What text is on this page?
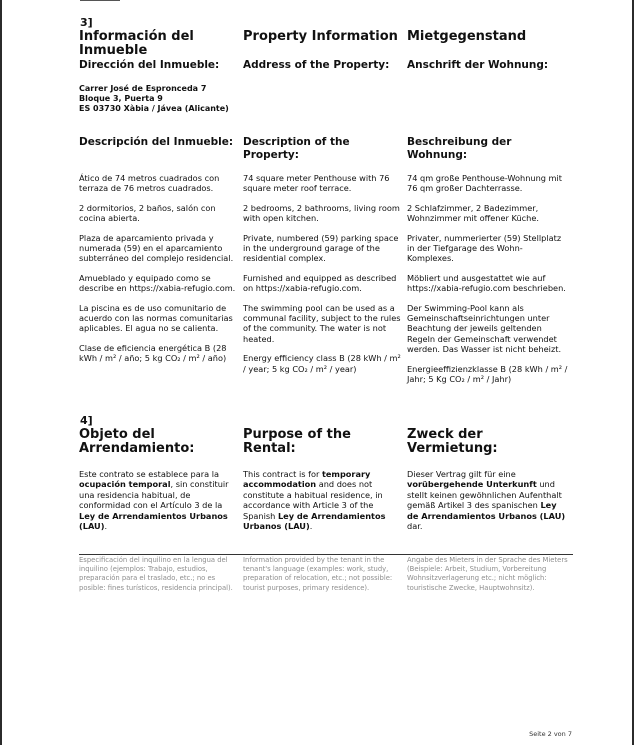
3]
Información del Inmueble
Property Information Mietgegenstand
Dirección del Inmueble:	Address of the Property:	Anschrift der Wohnung:
Carrer José de Espronceda 7
Bloque 3, Puerta 9
ES 03730 Xàbia / Jávea (Alicante)
Descripción del Inmueble: Description of the Property:
Beschreibung der Wohnung:

Ático de 74 metros cuadrados con terraza de 76 metros cuadrados.

2 dormitorios, 2 baños, salón con cocina abierta.

Plaza de aparcamiento privada y numerada (59) en el aparcamiento subterráneo del complejo residencial.

Amueblado y equipado como se describe en https://xabia-refugio.com.

La piscina es de uso comunitario de acuerdo con las normas comunitarias aplicables. El agua no se calienta.

Clase de eficiencia energética B (28 kWh / m² / año; 5 kg CO₂ / m² / año)

74 square meter Penthouse with 76 square meter roof terrace.

2 bedrooms, 2 bathrooms, living room with open kitchen.

Private, numbered (59) parking space in the underground garage of the residential complex.

Furnished and equipped as described on https://xabia-refugio.com.

The swimming pool can be used as a communal facility, subject to the rules of the community. The water is not heated.

Energy efficiency class B (28 kWh / m² / year; 5 kg CO₂ / m² / year)

74 qm große Penthouse-Wohnung mit 76 qm großer Dachterrasse.

2 Schlafzimmer, 2 Badezimmer, Wohnzimmer mit offener Küche.

Privater, nummerierter (59) Stellplatz in der Tiefgarage des Wohn-Komplexes.

Möbliert und ausgestattet wie auf https://xabia-refugio.com beschrieben.

Der Swimming-Pool kann als Gemeinschaftseinrichtungen unter Beachtung der jeweils geltenden Regeln der Gemeinschaft verwendet werden. Das Wasser ist nicht beheizt.

Energieeffizienzklasse B (28 kWh / m² / Jahr; 5 Kg CO₂ / m² / Jahr)

4]
Objeto del Arrendamiento:
Purpose of the Rental:
Zweck der Vermietung:
Este contrato se establece para la ocupación temporal, sin constituir una residencia habitual, de conformidad con el Artículo 3 de la Ley de Arrendamientos Urbanos (LAU).
This contract is for temporary accommodation and does not constitute a habitual residence, in accordance with Article 3 of the Spanish Ley de Arrendamientos Urbanos (LAU).
Dieser Vertrag gilt für eine vorübergehende Unterkunft und stellt keinen gewöhnlichen Aufenthalt gemäß Artikel 3 des spanischen Ley de Arrendamientos Urbanos (LAU) dar.
Especificación del inquilino en la lengua del inquilino (ejemplos: Trabajo, estudios, preparación para el traslado, etc.; no es posible: fines turísticos, residencia principal).
Information provided by the tenant in the tenant's language (examples: work, study, preparation of relocation, etc.; not possible: tourist purposes, primary residence).
Angabe des Mieters in der Sprache des Mieters (Beispiele: Arbeit, Studium, Vorbereitung Wohnsitzverlagerung etc.; nicht möglich: touristische Zwecke, Hauptwohnsitz).
Seite 2 von 7
